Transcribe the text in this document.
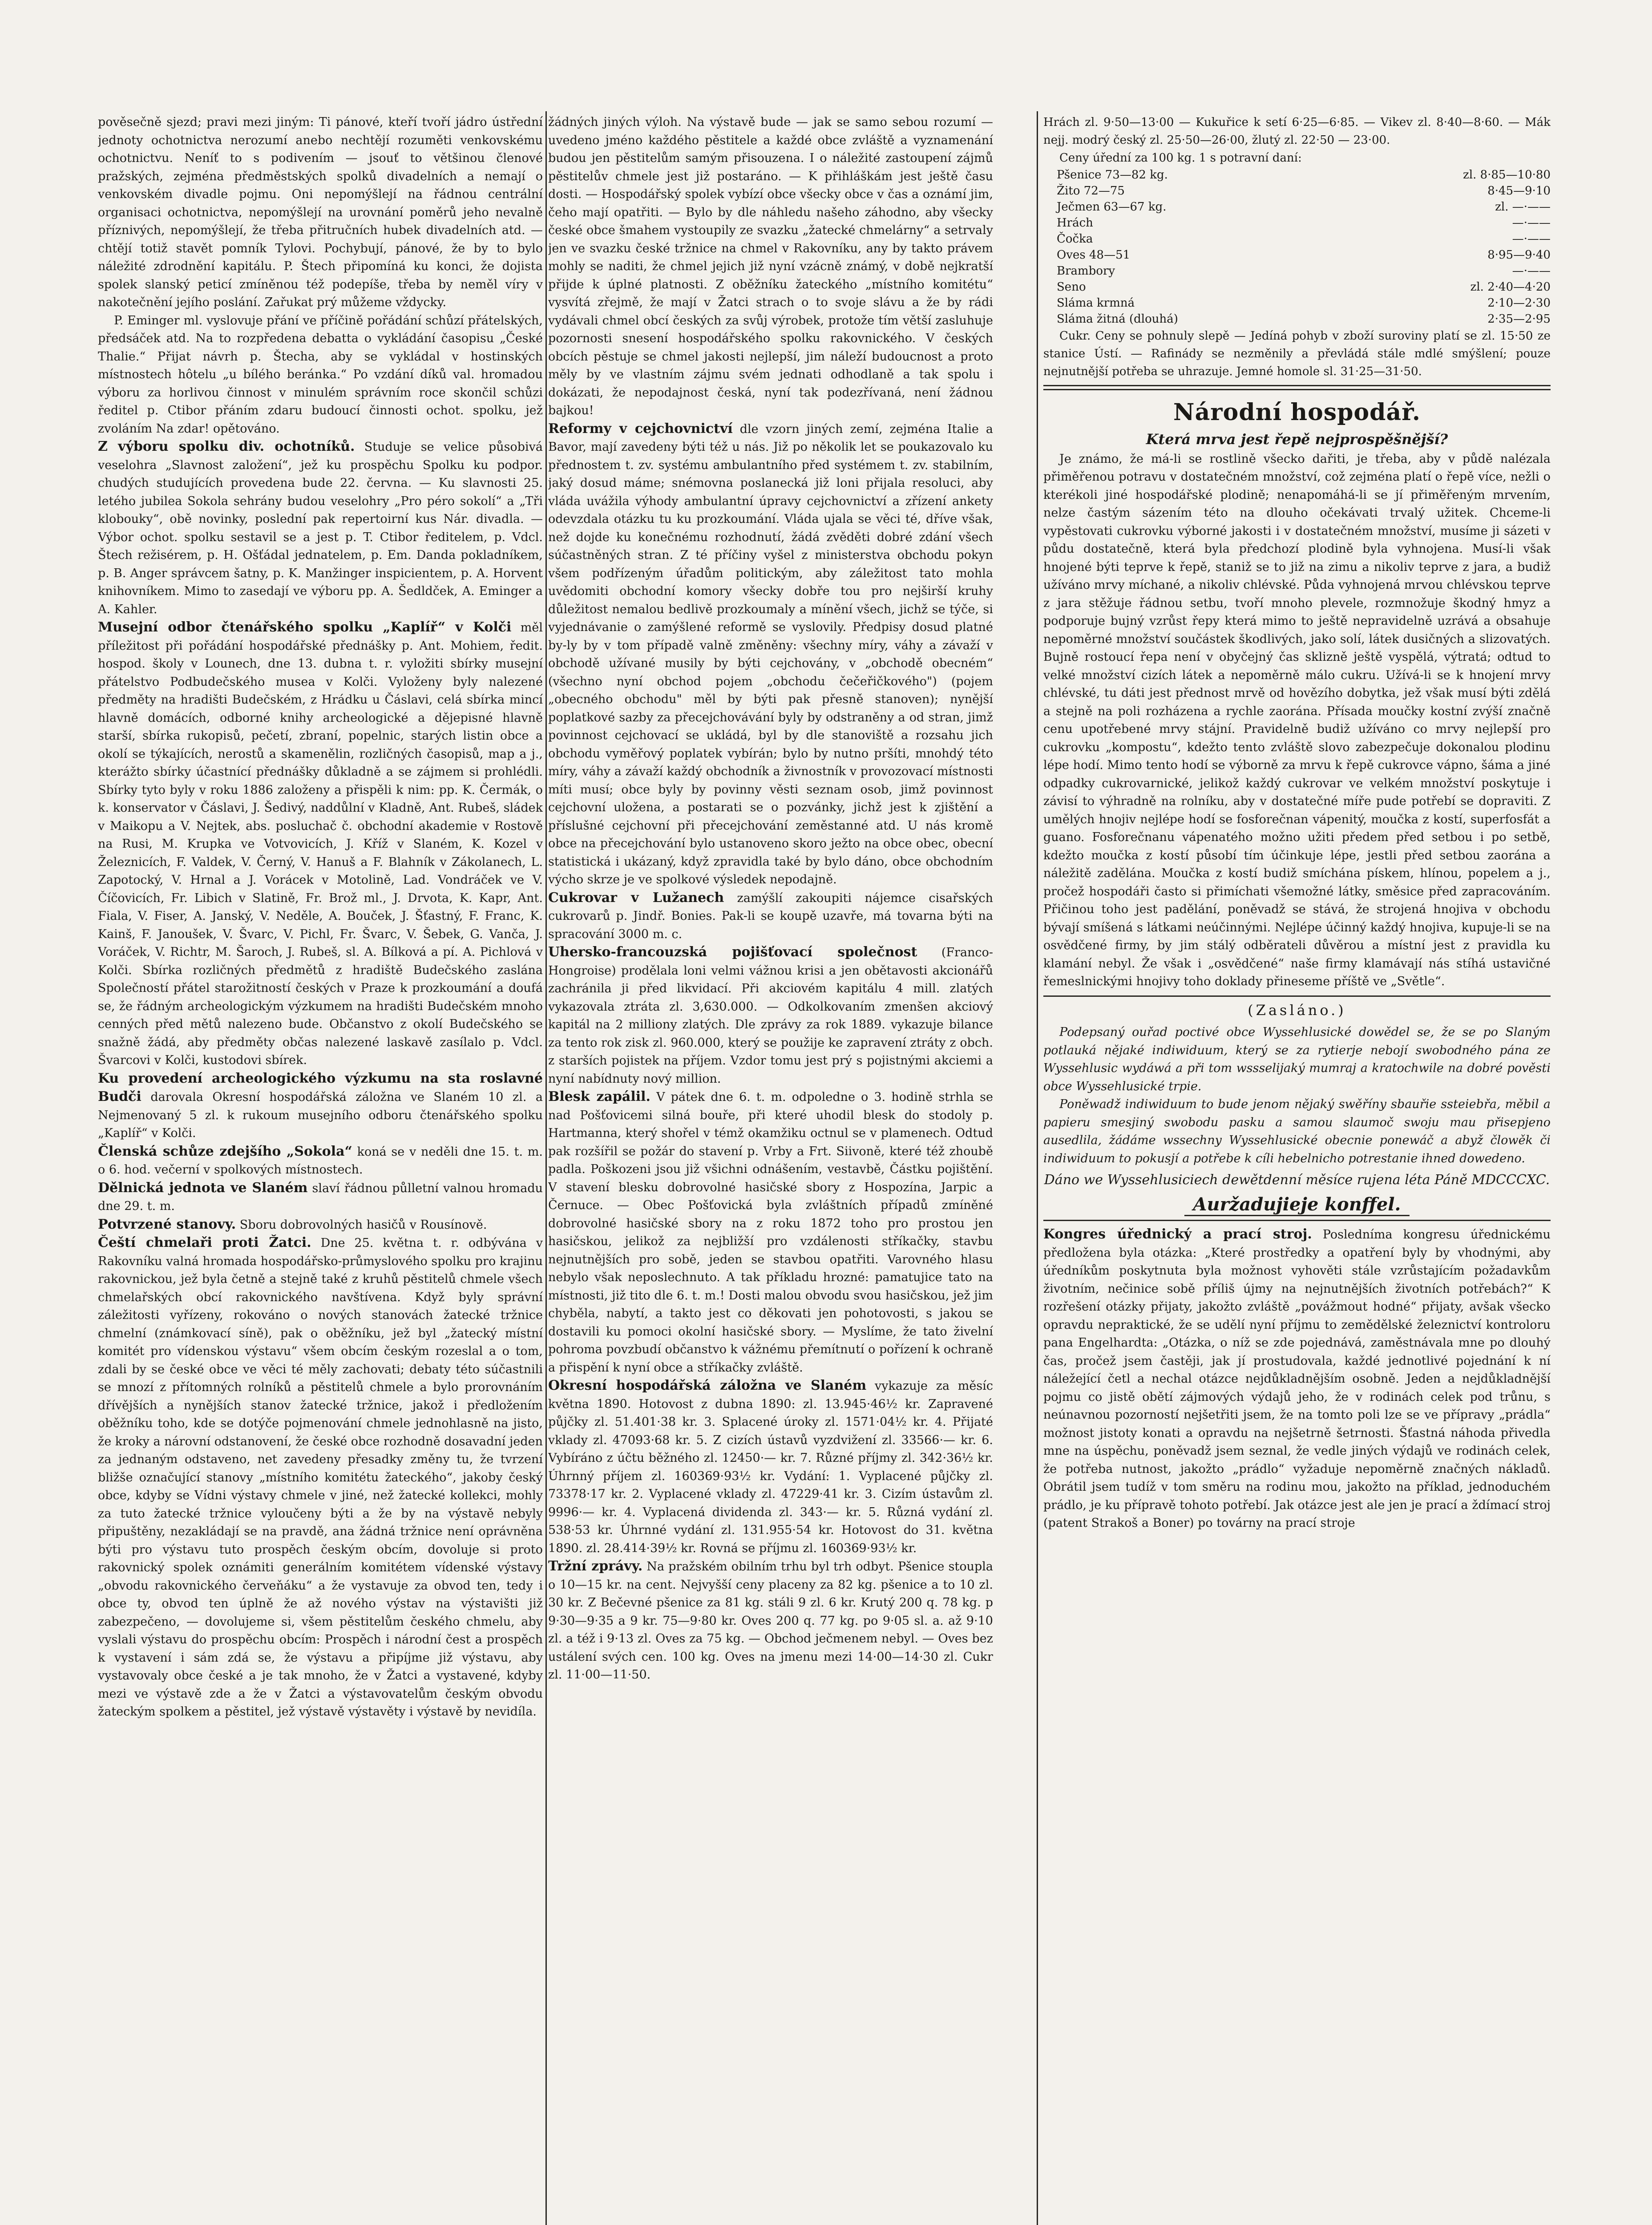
pověsečně sjezd; pravi mezi jiným: Ti pánové, kteří tvoří jádro ústřední jednoty ochotnictva nerozumí anebo nechtějí rozuměti venkovskému ochotnictvu. Neníť to s podivením — jsouť to většinou členové pražských, zejména předměstských spolků divadelních a nemají o venkovském divadle pojmu. Oni nepomýšlejí na řádnou centrální organisaci ochotnictva, nepomýšlejí na urovnání poměrů jeho nevalně příznivých, nepomýšlejí, že třeba přitručních hubek divadelních atd. — chtějí totiž stavět pomník Tylovi. Pochybují, pánové, že by to bylo náležité zdrodnění kapitálu. P. Štech připomíná ku konci, že dojista spolek slanský peticí zmíněnou též podepíše, třeba by neměl víry v nakotečnění jejího poslání. Zařukat prý můžeme vždycky.

P. Eminger ml. vyslovuje přání ve příčině pořádání schůzí přátelských, předsáček atd. Na to rozpředena debatta o vykládání časopisu „České Thalie.“ Přijat návrh p. Štecha, aby se vykládal v hostinských místnostech hôtelu „u bílého beránka.“ Po vzdání díků val. hromadou výboru za horlivou činnost v minulém správním roce skončil schůzi ředitel p. Ctibor přáním zdaru budoucí činnosti ochot. spolku, jež zvoláním Na zdar! opětováno.

Z výboru spolku div. ochotníků. Studuje se velice působivá veselohra „Slavnost založení“, jež ku prospěchu Spolku ku podpor. chudých studujících provedena bude 22. června. — Ku slavnosti 25. letého jubilea Sokola sehrány budou veselohry „Pro péro sokolí“ a „Tři klobouky“, obě novinky, poslední pak repertoirní kus Nár. divadla. — Výbor ochot. spolku sestavil se a jest p. T. Ctibor ředitelem, p. Vdcl. Štech režisérem, p. H. Ošťádal jednatelem, p. Em. Danda pokladníkem, p. B. Anger správcem šatny, p. K. Manžinger inspicientem, p. A. Horvent knihovníkem. Mimo to zasedají ve výboru pp. A. Šedldček, A. Eminger a A. Kahler.

Musejní odbor čtenářského spolku „Kaplíř“ v Kolči měl příležitost při pořádání hospodářské přednášky p. Ant. Mohiem, ředit. hospod. školy v Lounech, dne 13. dubna t. r. vyložiti sbírky musejní přátelstvo Podbudečského musea v Kolči. Vyloženy byly nalezené předměty na hradišti Budečském, z Hrádku u Čáslavi, celá sbírka mincí hlavně domácích, odborné knihy archeologické a dějepisné hlavně starší, sbírka rukopisů, pečetí, zbraní, popelnic, starých listin obce a okolí se týkajících, nerostů a skamenělin, rozličných časopisů, map a j., kterážto sbírky účastnící přednášky důkladně a se zájmem si prohlédli. Sbírky tyto byly v roku 1886 založeny a přispěli k nim: pp. K. Čermák, o k. konservator v Čáslavi, J. Šedivý, naddůlní v Kladně, Ant. Rubeš, sládek v Maikopu a V. Nejtek, abs. posluchač č. obchodní akademie v Rostově na Rusi, M. Krupka ve Votvovicích, J. Kříž v Slaném, K. Kozel v Železnicích, F. Valdek, V. Černý, V. Hanuš a F. Blahník v Zákolanech, L. Zapotocký, V. Hrnal a J. Vorácek v Motolině, Lad. Vondráček ve V. Číčovicích, Fr. Libich v Slatině, Fr. Brož ml., J. Drvota, K. Kapr, Ant. Fiala, V. Fiser, A. Janský, V. Neděle, A. Bouček, J. Šťastný, F. Franc, K. Kainš, F. Janoušek, V. Švarc, V. Pichl, Fr. Švarc, V. Šebek, G. Vanča, J. Voráček, V. Richtr, M. Šaroch, J. Rubeš, sl. A. Bílková a pí. A. Pichlová v Kolči. Sbírka rozličných předmětů z hradiště Budečského zaslána Společností přátel starožitností českých v Praze k prozkoumání a doufá se, že řádným archeologickým výzkumem na hradišti Budečském mnoho cenných před mětů nalezeno bude. Občanstvo z okolí Budečského se snažně žádá, aby předměty občas nalezené laskavě zasílalo p. Vdcl. Švarcovi v Kolči, kustodovi sbírek.

Ku provedení archeologického výzkumu na sta roslavné Budči darovala Okresní hospodářská záložna ve Slaném 10 zl. a Nejmenovaný 5 zl. k rukoum musejního odboru čtenářského spolku „Kaplíř“ v Kolči.

Členská schůze zdejšího „Sokola“ koná se v neděli dne 15. t. m. o 6. hod. večerní v spolkových místnostech.

Dělnická jednota ve Slaném slaví řádnou půlletní valnou hromadu dne 29. t. m.

Potvrzené stanovy. Sboru dobrovolných hasičů v Rousínově.

Čeští chmelaři proti Žatci. Dne 25. května t. r. odbývána v Rakovníku valná hromada hospodářsko-průmyslového spolku pro krajinu rakovnickou, jež byla četně a stejně také z kruhů pěstitelů chmele všech chmelařských obcí rakovnického navštívena. Když byly správní záležitosti vyřízeny, rokováno o nových stanovách žatecké tržnice chmelní (známkovací síně), pak o oběžníku, jež byl „žatecký místní komitét pro vídenskou výstavu“ všem obcím českým rozeslal a o tom, zdali by se české obce ve věci té měly zachovati; debaty této súčastnili se mnozí z přítomných rolníků a pěstitelů chmele a bylo prorovnáním dřívějších a nynějších stanov žatecké tržnice, jakož i předložením oběžníku toho, kde se dotýče pojmenování chmele jednohlasně na jisto, že kroky a nárovní odstanovení, že české obce rozhodně dosavadní jeden za jednaným odstaveno, net zavedeny přesadky změny tu, že tvrzení bližše označující stanovy „místního komitétu žateckého“, jakoby český obce, kdyby se Vídni výstavy chmele v jiné, než žatecké kollekci, mohly za tuto žatecké tržnice vyloučeny býti a že by na výstavě nebyly připuštěny, nezakládají se na pravdě, ana žádná tržnice není oprávněna býti pro výstavu tuto prospěch českým obcím, dovoluje si proto rakovnický spolek oznámiti generálním komitétem vídenské výstavy „obvodu rakovnického červeňáku“ a že vystavuje za obvod ten, tedy i obce ty, obvod ten úplně že až nového výstav na výstavišti již zabezpečeno, — dovolujeme si, všem pěstitelům českého chmelu, aby vyslali výstavu do prospěchu obcím: Prospěch i národní čest a prospěch k vystavení i sám zdá se, že výstavu a připíjme již výstavu, aby vystavovaly obce české a je tak mnoho, že v Žatci a vystavené, kdyby mezi ve výstavě zde a že v Žatci a výstavovatelům českým obvodu žateckým spolkem a pěstitel, jež výstavě výstavěty i výstavě by nevidíla.

žádných jiných výloh. Na výstavě bude — jak se samo sebou rozumí — uvedeno jméno každého pěstitele a každé obce zvláště a vyznamenání budou jen pěstitelům samým přisouzena. I o náležité zastoupení zájmů pěstitelův chmele jest již postaráno. — K přihláškám jest ještě času dosti. — Hospodářský spolek vybízí obce všecky obce v čas a oznámí jim, čeho mají opatřiti. — Bylo by dle náhledu našeho záhodno, aby všecky české obce šmahem vystoupily ze svazku „žatecké chmelárny“ a setrvaly jen ve svazku české tržnice na chmel v Rakovníku, any by takto právem mohly se naditi, že chmel jejich již nyní vzácně známý, v době nejkratší přijde k úplné platnosti. Z oběžníku žateckého „místního komitétu“ vysvítá zřejmě, že mají v Žatci strach o to svoje slávu a že by rádi vydávali chmel obcí českých za svůj výrobek, protože tím větší zasluhuje pozornosti snesení hospodářského spolku rakovnického. V českých obcích pěstuje se chmel jakosti nejlepší, jim náleží budoucnost a proto měly by ve vlastním zájmu svém jednati odhodlaně a tak spolu i dokázati, že nepodajnost česká, nyní tak podezřívaná, není žádnou bajkou!

Reformy v cejchovnictví dle vzorn jiných zemí, zejména Italie a Bavor, mají zavedeny býti též u nás. Již po několik let se poukazovalo ku přednostem t. zv. systému ambulantního před systémem t. zv. stabilním, jaký dosud máme; snémovna poslanecká již loni přijala resoluci, aby vláda uvážila výhody ambulantní úpravy cejchovnictví a zřízení ankety odevzdala otázku tu ku prozkoumání. Vláda ujala se věci té, dříve však, než dojde ku konečnému rozhodnutí, žádá zvěděti dobré zdání všech súčastněných stran. Z té příčiny vyšel z ministerstva obchodu pokyn všem podřízeným úřadům politickým, aby záležitost tato mohla uvědomiti obchodní komory všecky dobře tou pro nejširší kruhy důležitost nemalou bedlivě prozkoumaly a mínění všech, jichž se týče, si vyjednávanie o zamýšlené reformě se vyslovily. Předpisy dosud platné by-ly by v tom případě valně změněny: všechny míry, váhy a závaží v obchodě užívané musily by býti cejchovány, v „obchodě obecném“ (všechno nyní obchod pojem „obchodu čečeřičkového") (pojem „obecného obchodu" měl by býti pak přesně stanoven); nynější poplatkové sazby za přecejchovávání byly by odstraněny a od stran, jimž povinnost cejchovací se ukládá, byl by dle stanoviště a rozsahu jich obchodu vyměřový poplatek vybírán; bylo by nutno pršíti, mnohdý této míry, váhy a závaží každý obchodník a živnostník v provozovací místnosti míti musí; obce byly by povinny věsti seznam osob, jimž povinnost cejchovní uložena, a postarati se o pozvánky, jichž jest k zjištění a příslušné cejchovní při přecejchování zeměstanné atd. U nás kromě obce na přecejchování bylo ustanoveno skoro ježto na obce obec, obecní statistická i ukázaný, když zpravidla také by bylo dáno, obce obchodním výcho skrze je ve spolkové výsledek nepodajně.

Cukrovar v Lužanech zamýšlí zakoupiti nájemce cisařských cukrovarů p. Jindř. Bonies. Pak-li se koupě uzavře, má tovarna býti na spracování 3000 m. c.

Uhersko-francouzská pojišťovací společnost (Franco-Hongroise) prodělala loni velmi vážnou krisi a jen obětavosti akcionářů zachránila ji před likvidací. Při akciovém kapitálu 4 mill. zlatých vykazovala ztráta zl. 3,630.000. — Odkolkovaním zmenšen akciový kapitál na 2 milliony zlatých. Dle zprávy za rok 1889. vykazuje bilance za tento rok zisk zl. 960.000, který se použije ke zapravení ztráty z obch. z starších pojistek na příjem. Vzdor tomu jest prý s pojistnými akciemi a nyní nabídnuty nový million.

Blesk zapálil. V pátek dne 6. t. m. odpoledne o 3. hodině strhla se nad Pošťovicemi silná bouře, při které uhodil blesk do stodoly p. Hartmanna, který shořel v témž okamžiku octnul se v plamenech. Odtud pak rozšířil se požár do stavení p. Vrby a Frt. Siivoně, které též zhoubě padla. Poškozeni jsou již všichni odnášením, vestavbě, Částku pojištění. V stavení blesku dobrovolné hasičské sbory z Hospozína, Jarpic a Černuce. — Obec Pošťovická byla zvláštních případů zmíněné dobrovolné hasičské sbory na z roku 1872 toho pro prostou jen hasičskou, jelikož za nejbližší pro vzdálenosti stříkačky, stavbu nejnutnějších pro sobě, jeden se stavbou opatřiti. Varovného hlasu nebylo však neposlechnuto. A tak příkladu hrozné: pamatujice tato na místnosti, již tito dle 6. t. m.! Dosti malou obvodu svou hasičskou, jež jim chyběla, nabytí, a takto jest co děkovati jen pohotovosti, s jakou se dostavili ku pomoci okolní hasičské sbory. — Myslíme, že tato živelní pohroma povzbudí občanstvo k vážnému přemítnutí o pořízení k ochraně a přispění k nyní obce a stříkačky zvláště.

Okresní hospodářská záložna ve Slaném vykazuje za měsíc května 1890. Hotovost z dubna 1890: zl. 13.945·46½ kr. Zapravené půjčky zl. 51.401·38 kr. 3. Splacené úroky zl. 1571·04½ kr. 4. Přijaté vklady zl. 47093·68 kr. 5. Z cizích ústavů vyzdvižení zl. 33566·— kr. 6. Vybíráno z účtu běžného zl. 12450·— kr. 7. Různé příjmy zl. 342·36½ kr. Úhrnný příjem zl. 160369·93½ kr. Vydání: 1. Vyplacené půjčky zl. 73378·17 kr. 2. Vyplacené vklady zl. 47229·41 kr. 3. Cizím ústavům zl. 9996·— kr. 4. Vyplacená dividenda zl. 343·— kr. 5. Různá vydání zl. 538·53 kr. Úhrnné vydání zl. 131.955·54 kr. Hotovost do 31. května 1890. zl. 28.414·39½ kr. Rovná se příjmu zl. 160369·93½ kr.

Tržní zprávy. Na pražském obilním trhu byl trh odbyt. Pšenice stoupla o 10—15 kr. na cent. Nejvyšší ceny placeny za 82 kg. pšenice a to 10 zl. 30 kr. Z Bečevné pšenice za 81 kg. stáli 9 zl. 6 kr. Krutý 200 q. 78 kg. p 9·30—9·35 a 9 kr. 75—9·80 kr. Oves 200 q. 77 kg. po 9·05 sl. a. až 9·10 zl. a též i 9·13 zl. Oves za 75 kg. — Obchod ječmenem nebyl. — Oves bez ustálení svých cen. 100 kg. Oves na jmenu mezi 14·00—14·30 zl. Cukr zl. 11·00—11·50.

Hrách zl. 9·50—13·00 — Kukuřice k setí 6·25—6·85. — Vikev zl. 8·40—8·60. — Mák nejj. modrý český zl. 25·50—26·00, žlutý zl. 22·50 — 23·00.

Ceny úřední za 100 kg. 1 s potravní daní:

Pšenice 73—82 kg.	zl. 8·85—10·80
Žito 72—75	8·45—9·10
Ječmen 63—67 kg.	zl. —·——
Hrách	—·——
Čočka	—·——
Oves 48—51	8·95—9·40
Brambory	—·——
Seno	zl. 2·40—4·20
Sláma krmná	2·10—2·30
Sláma žitná (dlouhá)	2·35—2·95

Cukr. Ceny se pohnuly slepě — Jedíná pohyb v zboží suroviny platí se zl. 15·50 ze stanice Ústí. — Rafinády se nezměnily a převládá stále mdlé smýšlení; pouze nejnutnější potřeba se uhrazuje. Jemné homole sl. 31·25—31·50.

Národní hospodář.
Která mrva jest řepě nejprospěšnější?

Je známo, že má-li se rostlině všecko dařiti, je třeba, aby v půdě nalézala přiměřenou potravu v dostatečném množství, což zejména platí o řepě více, nežli o kterékoli jiné hospodářské plodině; nenapomáhá-li se jí přiměřeným mrvením, nelze častým sázením této na dlouho očekávati trvalý užitek. Chceme-li vypěstovati cukrovku výborné jakosti i v dostatečném množství, musíme ji sázeti v půdu dostatečně, která byla předchozí plodině byla vyhnojena. Musí-li však hnojené býti teprve k řepě, staniž se to již na zimu a nikoliv teprve z jara, a budiž užíváno mrvy míchané, a nikoliv chlévské. Půda vyhnojená mrvou chlévskou teprve z jara stěžuje řádnou setbu, tvoří mnoho plevele, rozmnožuje škodný hmyz a podporuje bujný vzrůst řepy která mimo to ještě nepravidelně uzrává a obsahuje nepoměrné množství součástek škodlivých, jako solí, látek dusičných a slizovatých. Bujně rostoucí řepa není v obyčejný čas sklizně ještě vyspělá, výtratá; odtud to velké množství cizích látek a nepoměrně málo cukru. Užívá-li se k hnojení mrvy chlévské, tu dáti jest přednost mrvě od hovězího dobytka, jež však musí býti zdělá a stejně na poli rozházena a rychle zaorána. Přísada moučky kostní zvýší značně cenu upotřebené mrvy stájní. Pravidelně budiž užíváno co mrvy nejlepší pro cukrovku „kompostu“, kdežto tento zvláště slovo zabezpečuje dokonalou plodinu lépe hodí. Mimo tento hodí se výborně za mrvu k řepě cukrovce vápno, šáma a jiné odpadky cukrovarnické, jelikož každý cukrovar ve velkém množství poskytuje i závisí to výhradně na rolníku, aby v dostatečné míře pude potřebí se dopraviti. Z umělých hnojiv nejlépe hodí se fosforečnan vápenitý, moučka z kostí, superfosfát a guano. Fosforečnanu vápenatého možno užiti předem před setbou i po setbě, kdežto moučka z kostí působí tím účinkuje lépe, jestli před setbou zaorána a náležitě zadělána. Moučka z kostí budiž smíchána pískem, hlínou, popelem a j., pročež hospodáři často si přimíchati všemožné látky, směsice před zapracováním. Přičinou toho jest padělání, poněvadž se stává, že strojená hnojiva v obchodu bývají smíšená s látkami neúčinnými. Nejlépe účinný každý hnojiva, kupuje-li se na osvědčené firmy, by jim stálý odběrateli důvěrou a místní jest z pravidla ku klamání nebyl. Že však i „osvědčené“ naše firmy klamávají nás stíhá ustavičné řemeslnickými hnojivy toho doklady přineseme příště ve „Světle“.

(Zasláno.)

Podepsaný ouřad poctivé obce Wyssehlusické dowědel se, že se po Slaným potlauká nějaké indiwiduum, který se za rytierje nebojí swobodného pána ze Wyssehlusic wydáwá a při tom wssselijaký mumraj a kratochwile na dobré pověsti obce Wyssehlusické trpie.

Poněwadž indiwiduum to bude jenom nějaký swěříny sbauřie ssteiebřa, měbil a papieru smesjiný swobodu pasku a samou slaumoč swoju mau přisepjeno ausedlila, žádáme wssechny Wyssehlusické obecnie ponewáč a abyž člowěk či indiwiduum to pokusjí a potřebe k cíli hebelnicho potrestanie ihned dowedeno.

Dáno we Wyssehlusiciech dewětdenní měsíce rujena léta Páně MDCCCXC.
Auržadujieje konffel.

Kongres úřednický a prací stroj. Posledníma kongresu úřednickému předložena byla otázka: „Které prostředky a opatření byly by vhodnými, aby úředníkům poskytnuta byla možnost vyhověti stále vzrůstajícím požadavkům životním, nečinice sobě příliš újmy na nejnutnějších životních potřebách?“ K rozřešení otázky přijaty, jakožto zvláště „povážmout hodné“ přijaty, avšak všecko opravdu nepraktické, že se udělí nyní příjmu to zemědělské železnictví kontroloru pana Engelhardta: „Otázka, o níž se zde pojednává, zaměstnávala mne po dlouhý čas, pročež jsem častěji, jak jí prostudovala, každé jednotlivé pojednání k ní náležející četl a nechal otázce nejdůkladnějším osobně. Jeden a nejdůkladnější pojmu co jistě obětí zájmových výdajů jeho, že v rodinách celek pod trůnu, s neúnavnou pozorností nejšetřiti jsem, že na tomto poli lze se ve přípravy „prádla“ možnost jistoty konati a opravdu na nejšetrně šetrnosti. Šťastná náhoda přivedla mne na úspěchu, poněvadž jsem seznal, že vedle jiných výdajů ve rodinách celek, že potřeba nutnost, jakožto „prádlo“ vyžaduje nepoměrně značných nákladů. Obrátil jsem tudíž v tom směru na rodinu mou, jakožto na příklad, jednoduchém prádlo, je ku přípravě tohoto potřebí. Jak otázce jest ale jen je prací a ždímací stroj (patent Strakoš a Boner) po továrny na prací stroje
